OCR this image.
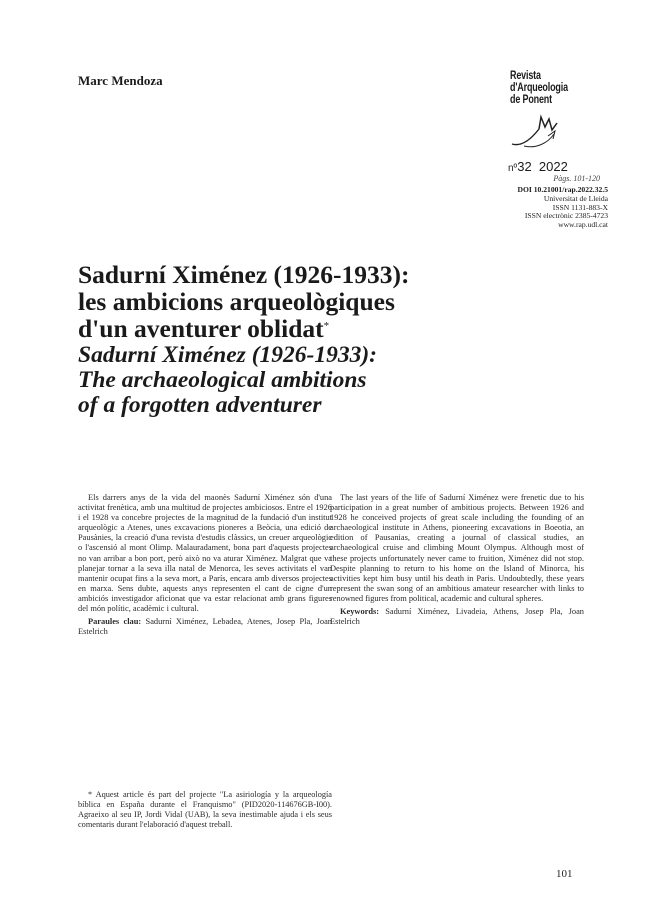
Marc Mendoza	Revista
d'Arqueologia
de Ponent
nº32 2022
Pàgs. 101-120
DOI 10.21001/rap.2022.32.5
Universitat de Lleida
ISSN 1131-883-X
ISSN electrònic 2385-4723
www.rap.udl.cat
Sadurní Ximénez (1926-1933):
les ambicions arqueològiques
d'un aventurer oblidat*
Sadurní Ximénez (1926-1933):
The archaeological ambitions
of a forgotten adventurer

Els darrers anys de la vida del maonès Sadurní Ximénez són d'una activitat frenètica, amb una multitud de projectes ambiciosos. Entre el 1926 i el 1928 va concebre projectes de la magnitud de la fundació d'un institut arqueològic a Atenes, unes excavacions pioneres a Beòcia, una edició de Pausànies, la creació d'una revista d'estudis clàssics, un creuer arqueològic o l'ascensió al mont Olimp. Malauradament, bona part d'aquests projectes no van arribar a bon port, però això no va aturar Ximénez. Malgrat que va planejar tornar a la seva illa natal de Menorca, les seves activitats el van mantenir ocupat fins a la seva mort, a París, encara amb diversos projectes en marxa. Sens dubte, aquests anys representen el cant de cigne d'un ambiciós investigador aficionat que va estar relacionat amb grans figures del món polític, acadèmic i cultural.

Paraules clau: Sadurní Ximénez, Lebadea, Atenes, Josep Pla, Joan Estelrich

The last years of the life of Sadurní Ximénez were frenetic due to his participation in a great number of ambitious projects. Between 1926 and 1928 he conceived projects of great scale including the founding of an archaeological institute in Athens, pioneering excavations in Boeotia, an edition of Pausanias, creating a journal of classical studies, an archaeological cruise and climbing Mount Olympus. Although most of these projects unfortunately never came to fruition, Ximénez did not stop. Despite planning to return to his home on the Island of Minorca, his activities kept him busy until his death in Paris. Undoubtedly, these years represent the swan song of an ambitious amateur researcher with links to renowned figures from political, academic and cultural spheres.

Keywords: Sadurní Ximénez, Livadeia, Athens, Josep Pla, Joan Estelrich

* Aquest article és part del projecte "La asiriología y la arqueología bíblica en España durante el Franquismo" (PID2020-114676GB-I00). Agraeixo al seu IP, Jordi Vidal (UAB), la seva inestimable ajuda i els seus comentaris durant l'elaboració d'aquest treball.

101
